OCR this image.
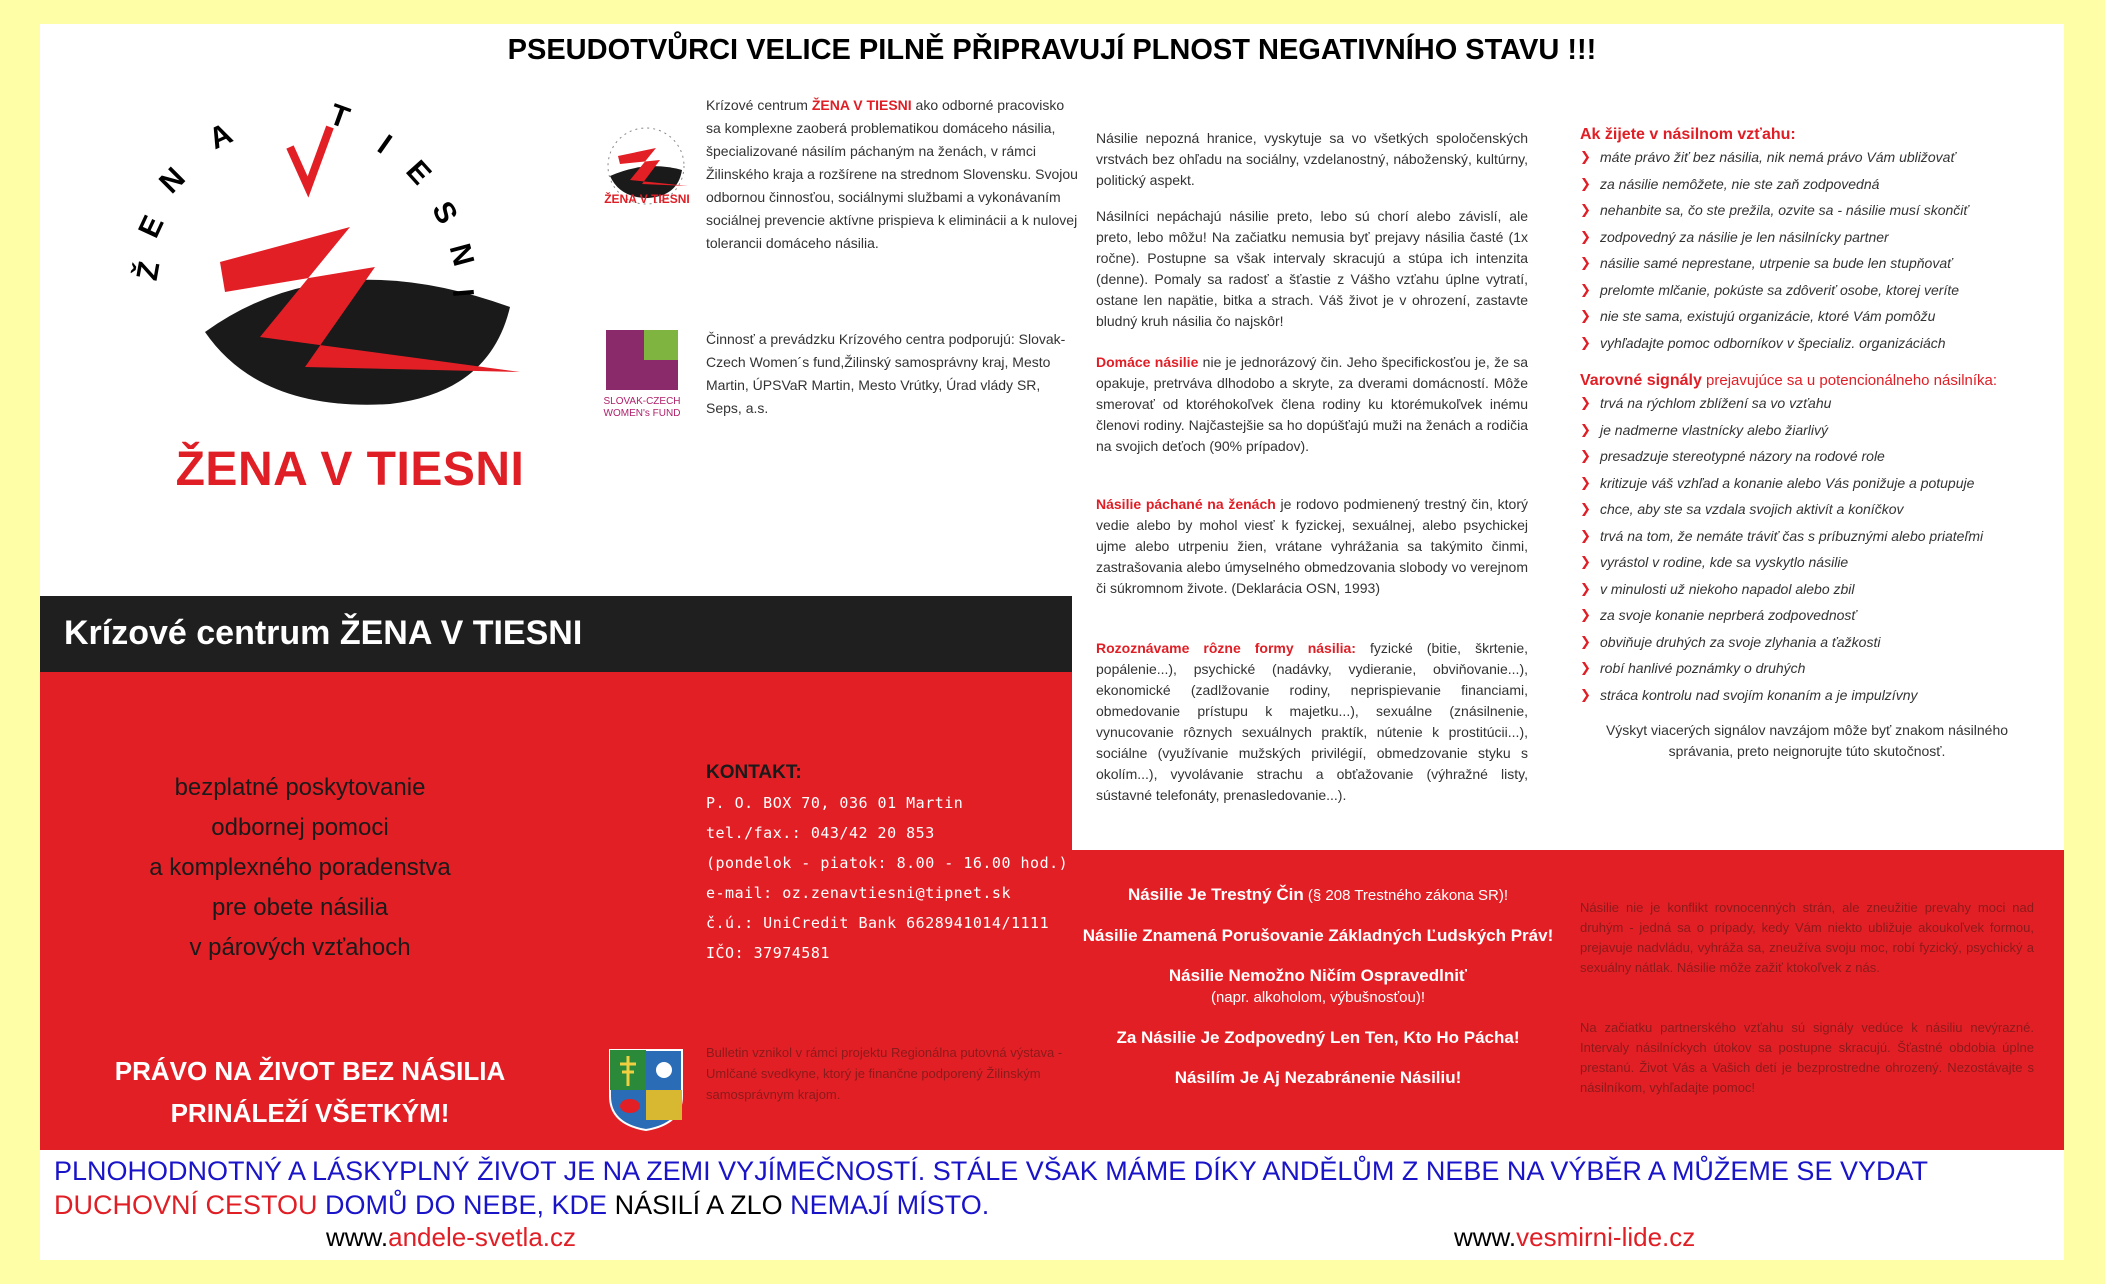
PSEUDOTVŮRCI VELICE PILNĚ PŘIPRAVUJÍ PLNOST NEGATIVNÍHO STAVU !!!
Ž
E
N
A
T
I
E
S
N
I
ŽENA V TIESNI
ŽENA V TIESNI
Krízové centrum ŽENA V TIESNI ako odborné pracovisko sa komplexne zaoberá problematikou domáceho násilia, špecializované násilím páchaným na ženách, v rámci Žilinského kraja a rozšírene na strednom Slovensku. Svojou odbornou činnosťou, sociálnymi službami a vykonávaním sociálnej prevencie aktívne prispieva k eliminácii a k nulovej tolerancii domáceho násilia.
SLOVAK-CZECH WOMEN's FUND
Činnosť a prevádzku Krízového centra podporujú: Slovak-Czech Women´s fund,Žilinský samosprávny kraj, Mesto Martin, ÚPSVaR Martin, Mesto Vrútky, Úrad vlády SR, Seps, a.s.

Násilie nepozná hranice, vyskytuje sa vo všetkých spoločenských vrstvách bez ohľadu na sociálny, vzdelanostný, náboženský, kultúrny, politický aspekt.

Násilníci nepáchajú násilie preto, lebo sú chorí alebo závislí, ale preto, lebo môžu! Na začiatku nemusia byť prejavy násilia časté (1x ročne). Postupne sa však intervaly skracujú a stúpa ich intenzita (denne). Pomaly sa radosť a šťastie z Vášho vzťahu úplne vytratí, ostane len napätie, bitka a strach. Váš život je v ohrození, zastavte bludný kruh násilia čo najskôr!

Domáce násilie nie je jednorázový čin. Jeho špecifickosťou je, že sa opakuje, pretrváva dlhodobo a skryte, za dverami domácností. Môže smerovať od ktoréhokoľvek člena rodiny ku ktorémukoľvek inému členovi rodiny. Najčastejšie sa ho dopúšťajú muži na ženách a rodičia na svojich deťoch (90% prípadov).

Násilie páchané na ženách je rodovo podmienený trestný čin, ktorý vedie alebo by mohol viesť k fyzickej, sexuálnej, alebo psychickej ujme alebo utrpeniu žien, vrátane vyhrážania sa takýmito činmi, zastrašovania alebo úmyselného obmedzovania slobody vo verejnom či súkromnom živote. (Deklarácia OSN, 1993)

Rozoznávame rôzne formy násilia: fyzické (bitie, škrtenie, popálenie...), psychické (nadávky, vydieranie, obviňovanie...), ekonomické (zadlžovanie rodiny, neprispievanie financiami, obmedovanie prístupu k majetku...), sexuálne (znásilnenie, vynucovanie rôznych sexuálnych praktík, nútenie k prostitúcii...), sociálne (využívanie mužských privilégií, obmedzovanie styku s okolím...), vyvolávanie strachu a obťažovanie (výhražné listy, sústavné telefonáty, prenasledovanie...).

Ak žijete v násilnom vzťahu:
❯ máte právo žiť bez násilia, nik nemá právo Vám ubližovať
❯ za násilie nemôžete, nie ste zaň zodpovedná
❯ nehanbite sa, čo ste prežila, ozvite sa - násilie musí skončiť
❯ zodpovedný za násilie je len násilnícky partner
❯ násilie samé neprestane, utrpenie sa bude len stupňovať
❯ prelomte mlčanie, pokúste sa zdôveriť osobe, ktorej veríte
❯ nie ste sama, existujú organizácie, ktoré Vám pomôžu
❯ vyhľadajte pomoc odborníkov v špecializ. organizáciách
Varovné signály prejavujúce sa u potencionálneho násilníka:
❯ trvá na rýchlom zblížení sa vo vzťahu
❯ je nadmerne vlastnícky alebo žiarlivý
❯ presadzuje stereotypné názory na rodové role
❯ kritizuje váš vzhľad a konanie alebo Vás ponižuje a potupuje
❯ chce, aby ste sa vzdala svojich aktivít a koníčkov
❯ trvá na tom, že nemáte tráviť čas s príbuznými alebo priateľmi
❯ vyrástol v rodine, kde sa vyskytlo násilie
❯ v minulosti už niekoho napadol alebo zbil
❯ za svoje konanie neprberá zodpovednosť
❯ obviňuje druhých za svoje zlyhania a ťažkosti
❯ robí hanlivé poznámky o druhých
❯ stráca kontrolu nad svojím konaním a je impulzívny
Výskyt viacerých signálov navzájom môže byť znakom násilného správania, preto neignorujte túto skutočnosť.
Krízové centrum ŽENA V TIESNI
bezplatné poskytovanie
odbornej pomoci
a komplexného poradenstva
pre obete násilia
v párových vzťahoch
PRÁVO NA ŽIVOT BEZ NÁSILIA
PRINÁLEŽÍ VŠETKÝM!
KONTAKT:
P. O. BOX 70, 036 01 Martin
tel./fax.: 043/42 20 853
(pondelok - piatok: 8.00 - 16.00 hod.)
e-mail: oz.zenavtiesni@tipnet.sk
č.ú.: UniCredit Bank 6628941014/1111
IČO: 37974581
Bulletin vznikol v rámci projektu Regionálna putovná výstava - Umlčané svedkyne, ktorý je finančne podporený Žilinským samosprávnym krajom.
Násilie Je Trestný Čin (§ 208 Trestného zákona SR)!
Násilie Znamená Porušovanie Základných Ľudských Práv!
Násilie Nemožno Ničím Ospravedlniť
(napr. alkoholom, výbušnosťou)!
Za Násilie Je Zodpovedný Len Ten, Kto Ho Pácha!
Násilím Je Aj Nezabránenie Násiliu!
Násilie nie je konflikt rovnocenných strán, ale zneužitie prevahy moci nad druhým - jedná sa o prípady, kedy Vám niekto ubližuje akoukoľvek formou, prejavuje nadvládu, vyhráža sa, zneužíva svoju moc, robí fyzický, psychický a sexuálny nátlak. Násilie môže zažiť ktokoľvek z nás.
Na začiatku partnerského vzťahu sú signály vedúce k násiliu nevýrazné. Intervaly násilníckych útokov sa postupne skracujú. Šťastné obdobia úplne prestanú. Život Vás a Vašich detí je bezprostredne ohrozený. Nezostávajte s násilníkom, vyhľadajte pomoc!
PLNOHODNOTNÝ A LÁSKYPLNÝ ŽIVOT JE NA ZEMI VYJÍMEČNOSTÍ. STÁLE VŠAK MÁME DÍKY ANDĚLŮM Z NEBE NA VÝBĚR A MŮŽEME SE VYDAT
DUCHOVNÍ CESTOU DOMŮ DO NEBE, KDE NÁSILÍ A ZLO NEMAJÍ MÍSTO.
www.andele-svetla.cz	www.vesmirni-lide.cz
